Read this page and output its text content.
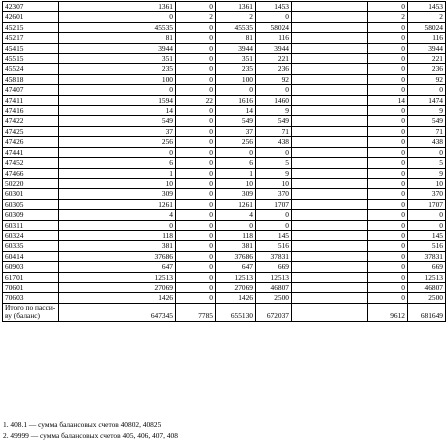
42307	1361	0	1361	1453		0	1453
42601	0	2	2	0		2	2
45215	45535	0	45535	58024		0	58024
45217	81	0	81	116		0	116
45415	3944	0	3944	3944		0	3944
45515	351	0	351	221		0	221
45524	235	0	235	236		0	236
45818	100	0	100	92		0	92
47407	0	0	0	0		0	0
47411	1594	22	1616	1460		14	1474
47416	14	0	14	9		0	9
47422	549	0	549	549		0	549
47425	37	0	37	71		0	71
47426	256	0	256	438		0	438
47441	0	0	0	0		0	0
47452	6	0	6	5		0	5
47466	1	0	1	9		0	9
50220	10	0	10	10		0	10
60301	309	0	309	370		0	370
60305	1261	0	1261	1707		0	1707
60309	4	0	4	0		0	0
60311	0	0	0	0		0	0
60324	118	0	118	145		0	145
60335	381	0	381	516		0	516
60414	37686	0	37686	37831		0	37831
60903	647	0	647	669		0	669
61701	12513	0	12513	12513		0	12513
70601	27069	0	27069	46807		0	46807
70603	1426	0	1426	2500		0	2500
Итого по пасси-ву (баланс)	647345	7785	655130	672037		9612	681649
1. 408.1 — сумма балансовых счетов 40802, 40825
2. 49999 — сумма балансовых счетов 405, 406, 407, 408
